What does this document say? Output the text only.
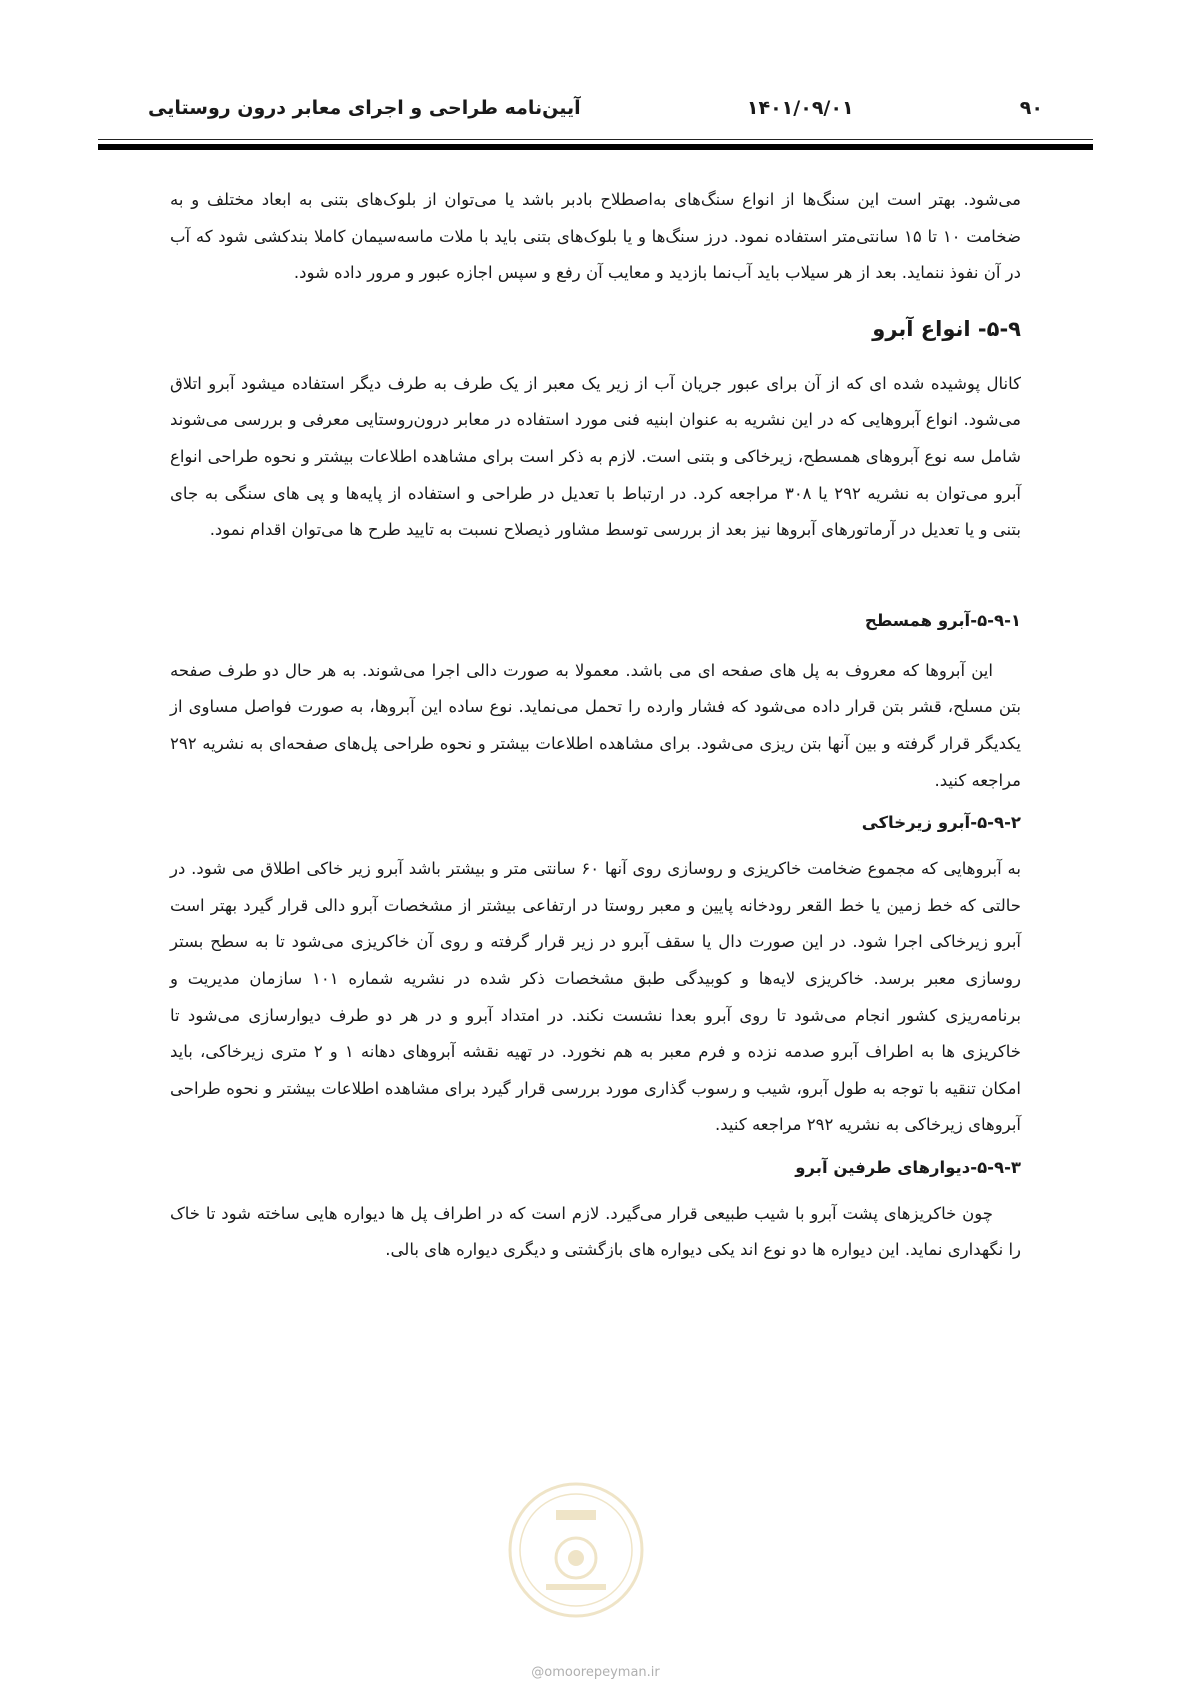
آیین‌نامه طراحی و اجرای معابر درون روستایی	۱۴۰۱/۰۹/۰۱	۹۰

می‌شود. بهتر است این سنگ‌ها از انواع سنگ‌های به‌اصطلاح بادبر باشد یا می‌توان از بلوک‌های بتنی به ابعاد مختلف و به ضخامت ۱۰ تا ۱۵ سانتی‌متر استفاده نمود. درز سنگ‌ها و یا بلوک‌های بتنی باید با ملات ماسه‌سیمان کاملا بندکشی شود که آب در آن نفوذ ننماید. بعد از هر سیلاب باید آب‌نما بازدید و معایب آن رفع و سپس اجازه عبور و مرور داده شود.

۵-۹- انواع آبرو

کانال پوشیده شده ای که از آن برای عبور جریان آب از زیر یک معبر از یک طرف به طرف دیگر استفاده میشود آبرو اتلاق می‌شود. انواع آبروهایی که در این نشریه به عنوان ابنیه فنی مورد استفاده در معابر درون‌روستایی معرفی و بررسی می‌شوند شامل سه نوع آبروهای همسطح، زیرخاکی و بتنی است. لازم به ذکر است برای مشاهده اطلاعات بیشتر و نحوه طراحی انواع آبرو می‌توان به نشریه ۲۹۲ یا ۳۰۸ مراجعه کرد. در ارتباط با تعدیل در طراحی و استفاده از پایه‌ها و پی های سنگی به جای بتنی و یا تعدیل در آرماتورهای آبروها نیز بعد از بررسی توسط مشاور ذیصلاح نسبت به تایید طرح ها می‌توان اقدام نمود.

۵-۹-۱-آبرو همسطح

این آبروها که معروف به پل های صفحه ای می باشد. معمولا به صورت دالی اجرا می‌شوند. به هر حال دو طرف صفحه بتن مسلح، قشر بتن قرار داده می‌شود که فشار وارده را تحمل می‌نماید. نوع ساده این آبروها، به صورت فواصل مساوی از یکدیگر قرار گرفته و بین آنها بتن ریزی می‌شود. برای مشاهده اطلاعات بیشتر و نحوه طراحی پل‌های صفحه‌ای به نشریه ۲۹۲ مراجعه کنید.

۵-۹-۲-آبرو زیرخاکی

به آبروهایی که مجموع ضخامت خاکریزی و روسازی روی آنها ۶۰ سانتی متر و بیشتر باشد آبرو زیر خاکی اطلاق می شود. در حالتی که خط زمین یا خط القعر رودخانه پایین و معبر روستا در ارتفاعی بیشتر از مشخصات آبرو دالی قرار گیرد بهتر است آبرو زیرخاکی اجرا شود. در این صورت دال یا سقف آبرو در زیر قرار گرفته و روی آن خاکریزی می‌شود تا به سطح بستر روسازی معبر برسد. خاکریزی لایه‌ها و کوبیدگی طبق مشخصات ذکر شده در نشریه شماره ۱۰۱ سازمان مدیریت و برنامه‌ریزی کشور انجام می‌شود تا روی آبرو بعدا نشست نکند. در امتداد آبرو و در هر دو طرف دیوارسازی می‌شود تا خاکریزی ها به اطراف آبرو صدمه نزده و فرم معبر به هم نخورد. در تهیه نقشه آبروهای دهانه ۱ و ۲ متری زیرخاکی، باید امکان تنقیه با توجه به طول آبرو، شیب و رسوب گذاری مورد بررسی قرار گیرد برای مشاهده اطلاعات بیشتر و نحوه طراحی آبروهای زیرخاکی به نشریه ۲۹۲ مراجعه کنید.

۵-۹-۳-دیوارهای طرفین آبرو

چون خاکریزهای پشت آبرو با شیب طبیعی قرار می‌گیرد. لازم است که در اطراف پل ها دیواره هایی ساخته شود تا خاک را نگهداری نماید. این دیواره ها دو نوع اند یکی دیواره های بازگشتی و دیگری دیواره های بالی.

@omoorepeyman.ir
